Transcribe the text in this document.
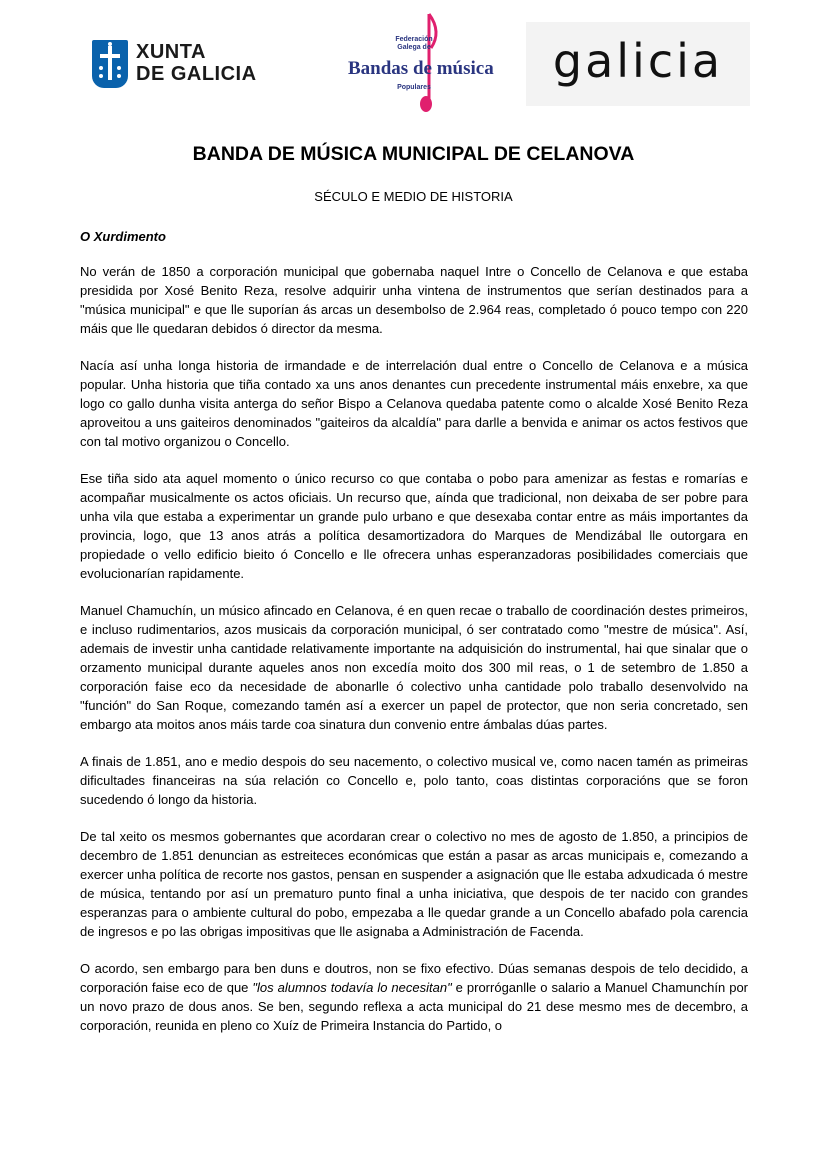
XUNTA
DE GALICIA
Federación
Galega de
Bandas de música
Populares	galicia
BANDA DE MÚSICA MUNICIPAL DE CELANOVA
SÉCULO E MEDIO DE HISTORIA
O Xurdimento

No verán de 1850 a corporación municipal que gobernaba naquel Intre o Concello de Celanova e que estaba presidida por Xosé Benito Reza, resolve adquirir unha vintena de instrumentos que serían destinados para a "música municipal" e que lle suporían ás arcas un desembolso de 2.964 reas, completado ó pouco tempo con 220 máis que lle quedaran debidos ó director da mesma.

Nacía así unha longa historia de irmandade e de interrelación dual entre o Concello de Celanova e a música popular. Unha historia que tiña contado xa uns anos denantes cun precedente instrumental máis enxebre, xa que logo co gallo dunha visita anterga do señor Bispo a Celanova quedaba patente como o alcalde Xosé Benito Reza aproveitou a uns gaiteiros denominados "gaiteiros da alcaldía" para darlle a benvida e animar os actos festivos que con tal motivo organizou o Concello.

Ese tiña sido ata aquel momento o único recurso co que contaba o pobo para amenizar as festas e romarías e acompañar musicalmente os actos oficiais. Un recurso que, aínda que tradicional, non deixaba de ser pobre para unha vila que estaba a experimentar un grande pulo urbano e que desexaba contar entre as máis importantes da provincia, logo, que 13 anos atrás a política desamortizadora do Marques de Mendizábal lle outorgara en propiedade o vello edificio bieito ó Concello e lle ofrecera unhas esperanzadoras posibilidades comerciais que evolucionarían rapidamente.

Manuel Chamuchín, un músico afincado en Celanova, é en quen recae o traballo de coordinación destes primeiros, e incluso rudimentarios, azos musicais da corporación municipal, ó ser contratado como "mestre de música". Así, ademais de investir unha cantidade relativamente importante na adquisición do instrumental, hai que sinalar que o orzamento municipal durante aqueles anos non excedía moito dos 300 mil reas, o 1 de setembro de 1.850 a corporación faise eco da necesidade de abonarlle ó colectivo unha cantidade polo traballo desenvolvido na "función" do San Roque, comezando tamén así a exercer un papel de protector, que non seria concretado, sen embargo ata moitos anos máis tarde coa sinatura dun convenio entre ámbalas dúas partes.

A finais de 1.851, ano e medio despois do seu nacemento, o colectivo musical ve, como nacen tamén as primeiras dificultades financeiras na súa relación co Concello e, polo tanto, coas distintas corporacións que se foron sucedendo ó longo da historia.

De tal xeito os mesmos gobernantes que acordaran crear o colectivo no mes de agosto de 1.850, a principios de decembro de 1.851 denuncian as estreiteces económicas que están a pasar as arcas municipais e, comezando a exercer unha política de recorte nos gastos, pensan en suspender a asignación que lle estaba adxudicada ó mestre de música, tentando por así un prematuro punto final a unha iniciativa, que despois de ter nacido con grandes esperanzas para o ambiente cultural do pobo, empezaba a lle quedar grande a un Concello abafado pola carencia de ingresos e po las obrigas impositivas que lle asignaba a Administración de Facenda.

O acordo, sen embargo para ben duns e doutros, non se fixo efectivo. Dúas semanas despois de telo decidido, a corporación faise eco de que "los alumnos todavía lo necesitan" e prorróganlle o salario a Manuel Chamunchín por un novo prazo de dous anos. Se ben, segundo reflexa a acta municipal do 21 dese mesmo mes de decembro, a corporación, reunida en pleno co Xuíz de Primeira Instancia do Partido, o
